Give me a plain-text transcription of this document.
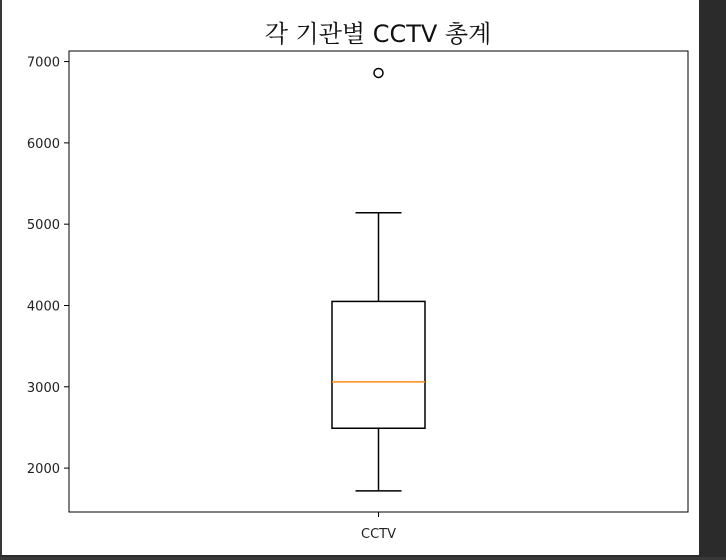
각 기관별 CCTV 총계
2000
3000
4000
5000
6000
7000
CCTV
